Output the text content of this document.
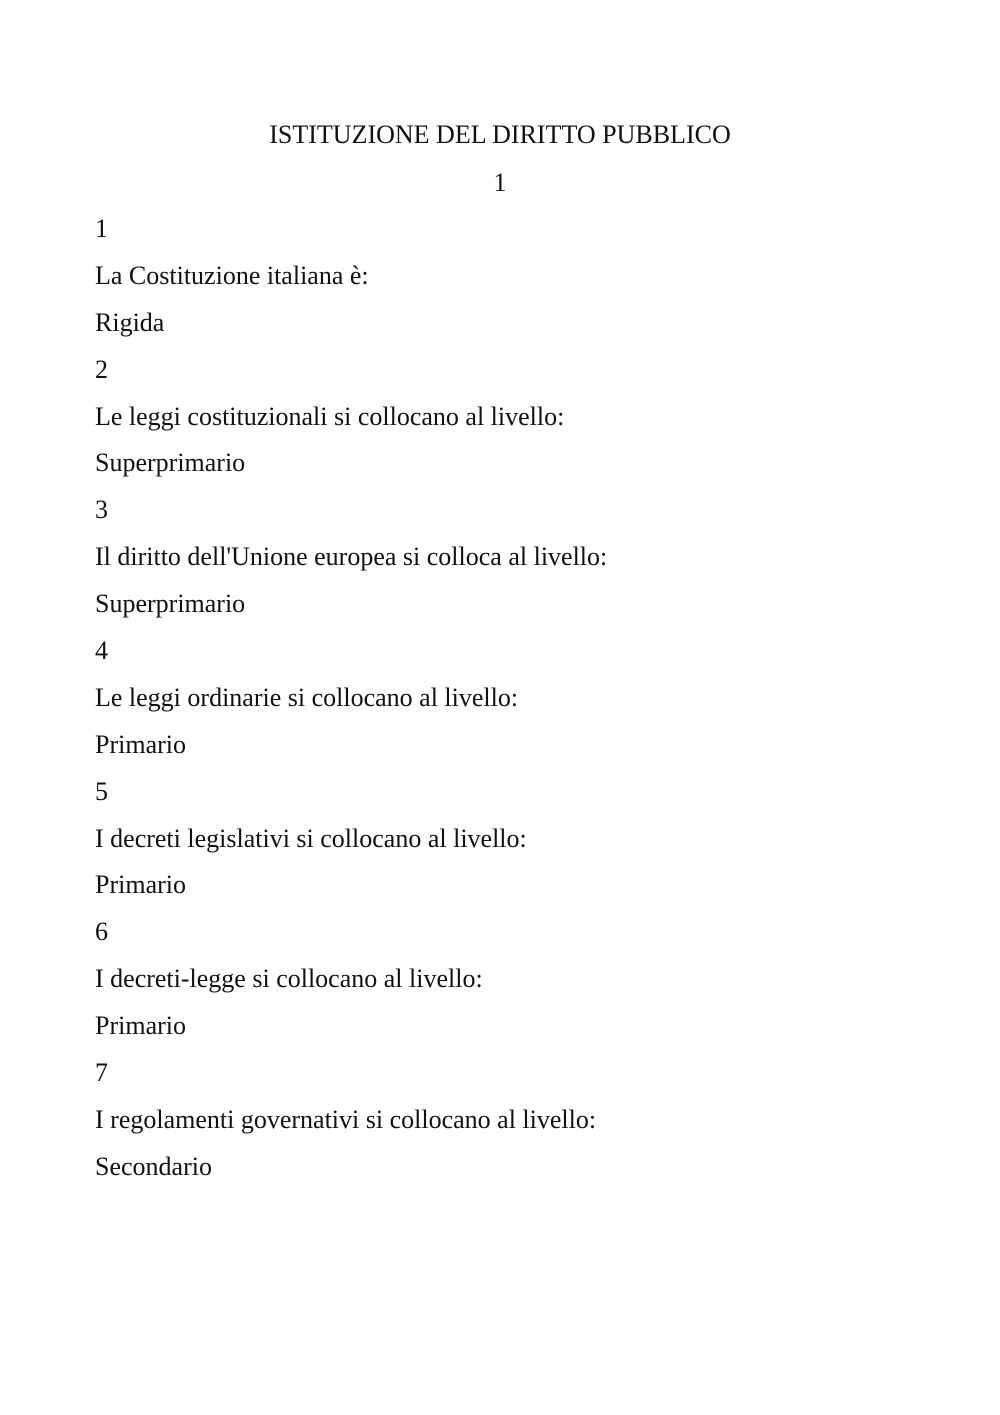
ISTITUZIONE DEL DIRITTO PUBBLICO
1
1
La Costituzione italiana è:
Rigida
2
Le leggi costituzionali si collocano al livello:
Superprimario
3
Il diritto dell'Unione europea si colloca al livello:
Superprimario
4
Le leggi ordinarie si collocano al livello:
Primario
5
I decreti legislativi si collocano al livello:
Primario
6
I decreti-legge si collocano al livello:
Primario
7
I regolamenti governativi si collocano al livello:
Secondario
